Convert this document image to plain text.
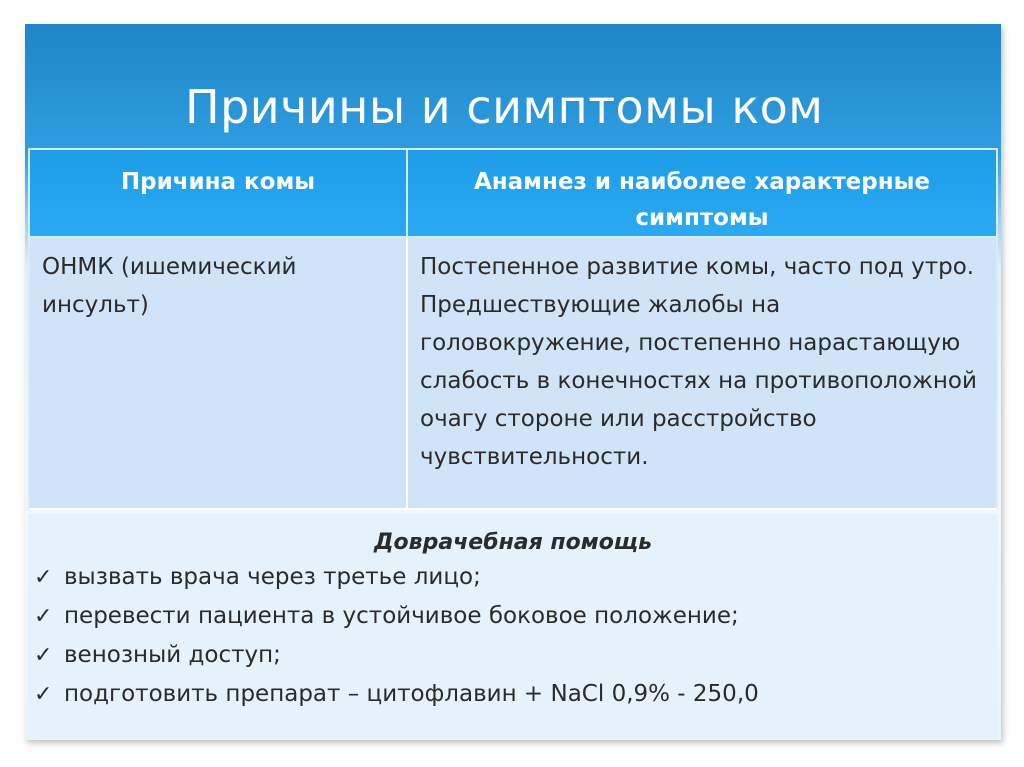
Причины и симптомы ком
Причина комы	Анамнез и наиболее характерные симптомы
ОНМК (ишемический инсульт)
Постепенное развитие комы, часто под утро. Предшествующие жалобы на головокружение, постепенно нарастающую слабость в конечностях на противоположной очагу стороне или расстройство чувствительности.
Доврачебная помощь
✓ вызвать врача через третье лицо;
✓ перевести пациента в устойчивое боковое положение;
✓ венозный доступ;
✓ подготовить препарат – цитофлавин + NaCl 0,9% - 250,0
